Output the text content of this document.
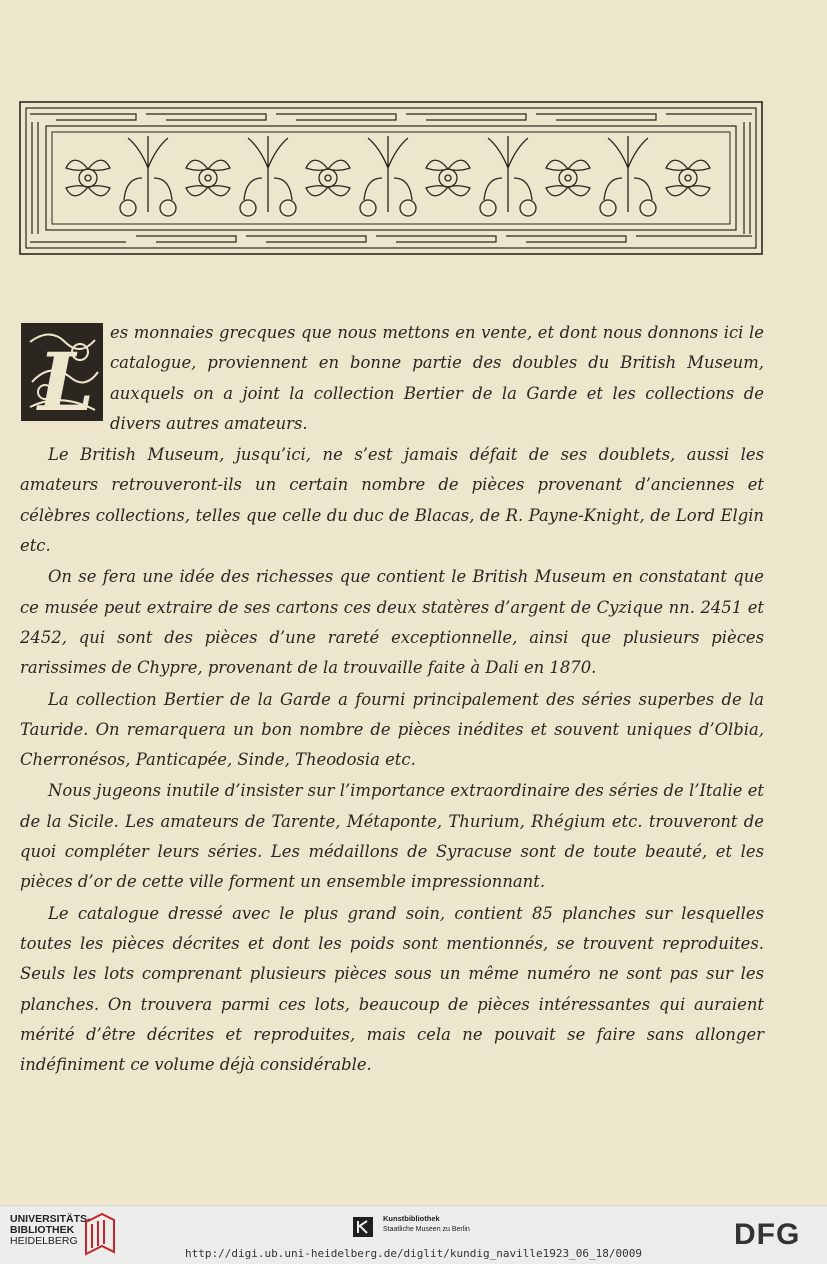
L
es monnaies grecques que nous mettons en vente, et dont nous donnons ici le catalogue, proviennent en bonne partie des doubles du British Museum, auxquels on a joint la collection Bertier de la Garde et les collections de divers autres amateurs.

Le British Museum, jusqu’ici, ne s’est jamais défait de ses doublets, aussi les amateurs retrouveront-ils un certain nombre de pièces provenant d’anciennes et célèbres collections, telles que celle du duc de Blacas, de R. Payne-Knight, de Lord Elgin etc.

On se fera une idée des richesses que contient le British Museum en constatant que ce musée peut extraire de ses cartons ces deux statères d’argent de Cyzique nn. 2451 et 2452, qui sont des pièces d’une rareté exceptionnelle, ainsi que plusieurs pièces rarissimes de Chypre, provenant de la trouvaille faite à Dali en 1870.

La collection Bertier de la Garde a fourni principalement des séries superbes de la Tauride. On remarquera un bon nombre de pièces inédites et souvent uniques d’Olbia, Cherronésos, Panticapée, Sinde, Theodosia etc.

Nous jugeons inutile d’insister sur l’importance extraordinaire des séries de l’Italie et de la Sicile. Les amateurs de Tarente, Métaponte, Thurium, Rhégium etc. trouveront de quoi compléter leurs séries. Les médaillons de Syracuse sont de toute beauté, et les pièces d’or de cette ville forment un ensemble impressionnant.

Le catalogue dressé avec le plus grand soin, contient 85 planches sur lesquelles toutes les pièces décrites et dont les poids sont mentionnés, se trouvent reproduites. Seuls les lots comprenant plusieurs pièces sous un même numéro ne sont pas sur les planches. On trouvera parmi ces lots, beaucoup de pièces intéressantes qui auraient mérité d’être décrites et reproduites, mais cela ne pouvait se faire sans allonger indéfiniment ce volume déjà considérable.

UNIVERSITÄTS-
BIBLIOTHEK
HEIDELBERG
Kunstbibliothek
Staatliche Museen zu Berlin	DFG
http://digi.ub.uni-heidelberg.de/diglit/kundig_naville1923_06_18/0009
